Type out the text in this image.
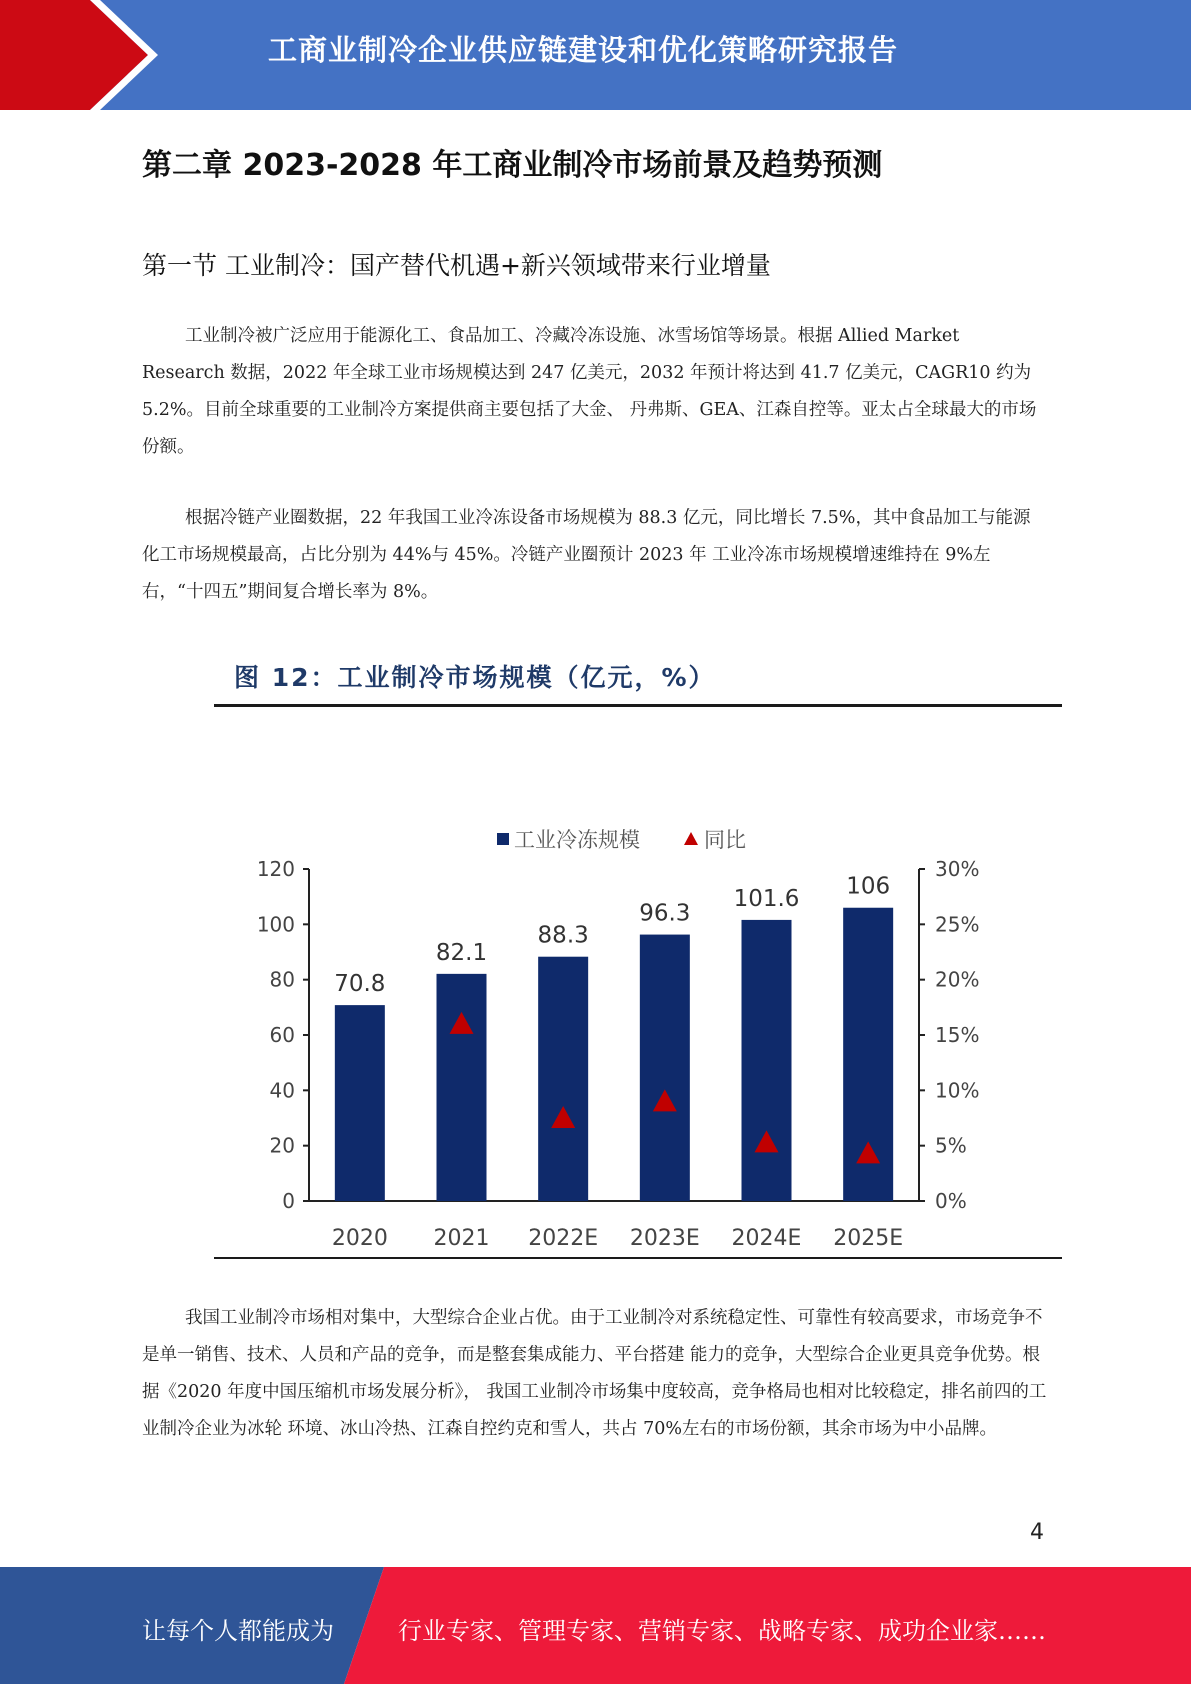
工商业制冷企业供应链建设和优化策略研究报告
第二章 2023-2028 年工商业制冷市场前景及趋势预测
第一节 工业制冷：国产替代机遇+新兴领域带来行业增量

工业制冷被广泛应用于能源化工、食品加工、冷藏冷冻设施、冰雪场馆等场景。根据 Allied Market Research 数据，2022 年全球工业市场规模达到 247 亿美元，2032 年预计将达到 41.7 亿美元，CAGR10 约为 5.2%。目前全球重要的工业制冷方案提供商主要包括了大金、 丹弗斯、GEA、江森自控等。亚太占全球最大的市场份额。

根据冷链产业圈数据，22 年我国工业冷冻设备市场规模为 88.3 亿元，同比增长 7.5%，其中食品加工与能源化工市场规模最高，占比分别为 44%与 45%。冷链产业圈预计 2023 年 工业冷冻市场规模增速维持在 9%左右，“十四五”期间复合增长率为 8%。

图 12：工业制冷市场规模（亿元，%）
0
20
40
60
80
100
120
0%
5%
10%
15%
20%
25%
30%
70.8
2020
82.1
2021
88.3
2022E
96.3
2023E
101.6
2024E
106
2025E
工业冷冻规模	同比

我国工业制冷市场相对集中，大型综合企业占优。由于工业制冷对系统稳定性、可靠性有较高要求，市场竞争不是单一销售、技术、人员和产品的竞争，而是整套集成能力、平台搭建 能力的竞争，大型综合企业更具竞争优势。根据《2020 年度中国压缩机市场发展分析》， 我国工业制冷市场集中度较高，竞争格局也相对比较稳定，排名前四的工业制冷企业为冰轮 环境、冰山冷热、江森自控约克和雪人，共占 70%左右的市场份额，其余市场为中小品牌。

4
让每个人都能成为	行业专家、管理专家、营销专家、战略专家、成功企业家……
